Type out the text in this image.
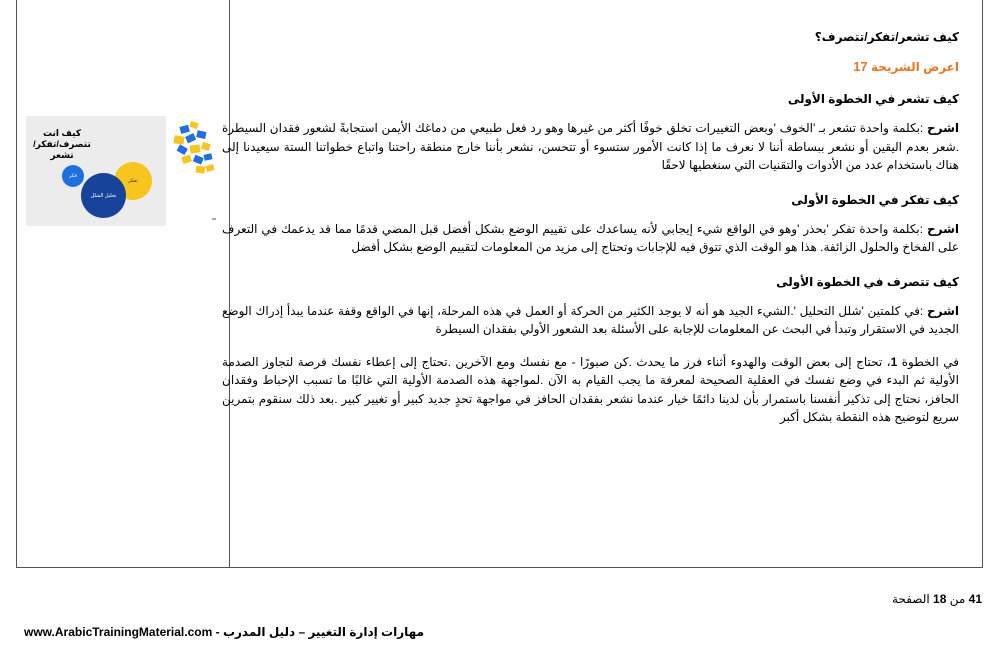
كيف انت
تتصرف/تفكر/تشعر
تفكر
تحليل الشلل
فكر

كيف تشعر/تفكر/تتصرف؟

اعرض الشريحة 17

كيف تشعر في الخطوة الأولى

اشرح :بكلمة واحدة تشعر بـ 'الخوف 'وبعض التغييرات تخلق خوفًا أكثر من غيرها وهو رد فعل طبيعي من دماغك الأيمن استجابةً لشعور فقدان السيطرة .شعر بعدم اليقين أو نشعر ببساطة أننا لا نعرف ما إذا كانت الأمور ستسوء أو تتحسن، نشعر بأننا خارج منطقة راحتنا واتباع خطواتنا الستة سيعيدنا إلى هناك باستخدام عدد من الأدوات والتقنيات التي سنغطيها لاحقًا

كيف تفكر في الخطوة الأولى

اشرح :بكلمة واحدة تفكر 'بحذر 'وهو في الواقع شيء إيجابي لأنه يساعدك على تقييم الوضع بشكل أفضل قبل المضي قدمًا مما قد يدعمك في التعرف على الفخاخ والحلول الزائفة. هذا هو الوقت الذي تتوق فيه للإجابات وتحتاج إلى مزيد من المعلومات لتقييم الوضع بشكل أفضل

كيف تتصرف في الخطوة الأولى

اشرح :في كلمتين 'شلل التحليل '.الشيء الجيد هو أنه لا يوجد الكثير من الحركة أو العمل في هذه المرحلة، إنها في الواقع وقفة عندما يبدأ إدراك الوضع الجديد في الاستقرار وتبدأ في البحث عن المعلومات للإجابة على الأسئلة بعد الشعور الأولي بفقدان السيطرة

في الخطوة 1، تحتاج إلى بعض الوقت والهدوء أثناء فرز ما يحدث .كن صبورًا - مع نفسك ومع الآخرين .تحتاج إلى إعطاء نفسك فرصة لتجاوز الصدمة الأولية ثم البدء في وضع نفسك في العقلية الصحيحة لمعرفة ما يجب القيام به الآن .لمواجهة هذه الصدمة الأولية التي غالبًا ما تسبب الإحباط وفقدان الحافز، نحتاج إلى تذكير أنفسنا باستمرار بأن لدينا دائمًا خيار عندما نشعر بفقدان الحافز في مواجهة تحدٍ جديد كبير أو تغيير كبير .بعد ذلك سنقوم بتمرين سريع لتوضيح هذه النقطة بشكل أكبر

41 من 18 الصفحة
مهارات إدارة التغيير – دليل المدرب - www.ArabicTrainingMaterial.com
